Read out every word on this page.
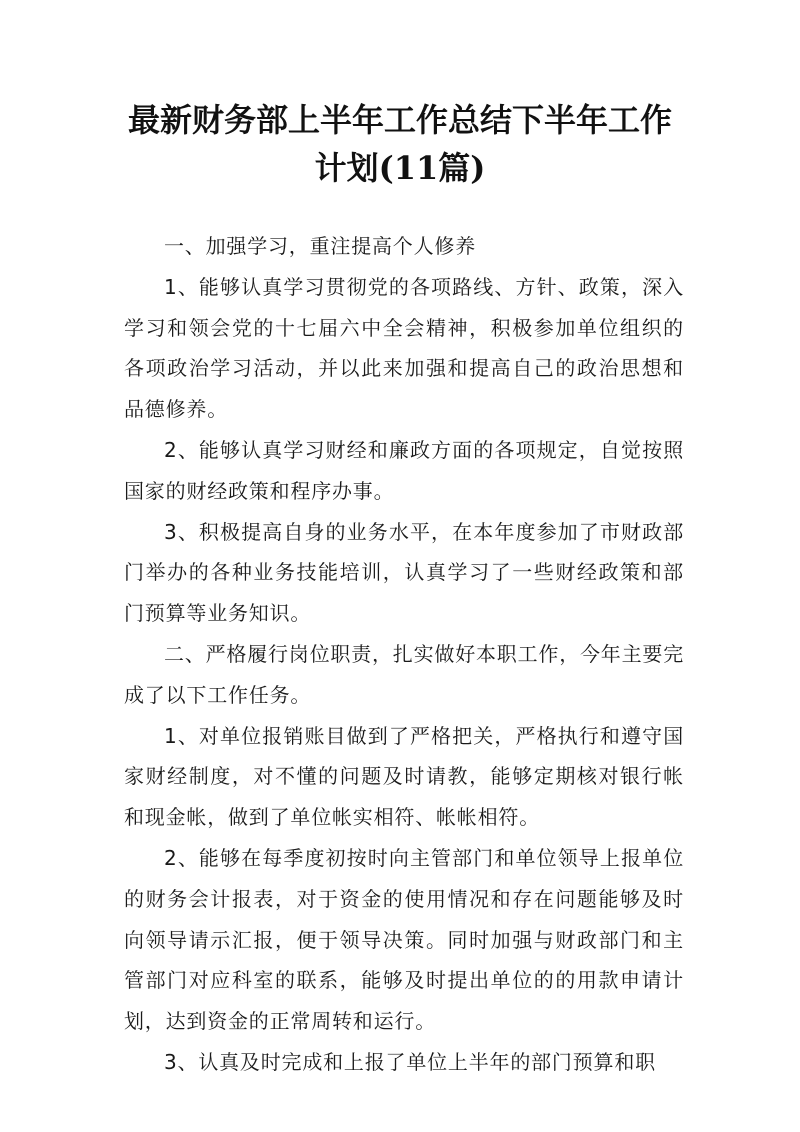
最新财务部上半年工作总结下半年工作计划(11篇)

一、加强学习，重注提高个人修养

1、能够认真学习贯彻党的各项路线、方针、政策，深入学习和领会党的十七届六中全会精神，积极参加单位组织的各项政治学习活动，并以此来加强和提高自己的政治思想和品德修养。

2、能够认真学习财经和廉政方面的各项规定，自觉按照国家的财经政策和程序办事。

3、积极提高自身的业务水平，在本年度参加了市财政部门举办的各种业务技能培训，认真学习了一些财经政策和部门预算等业务知识。

二、严格履行岗位职责，扎实做好本职工作，今年主要完成了以下工作任务。

1、对单位报销账目做到了严格把关，严格执行和遵守国家财经制度，对不懂的问题及时请教，能够定期核对银行帐和现金帐，做到了单位帐实相符、帐帐相符。

2、能够在每季度初按时向主管部门和单位领导上报单位的财务会计报表，对于资金的使用情况和存在问题能够及时向领导请示汇报，便于领导决策。同时加强与财政部门和主管部门对应科室的联系，能够及时提出单位的的用款申请计划，达到资金的正常周转和运行。

3、认真及时完成和上报了单位上半年的部门预算和职
